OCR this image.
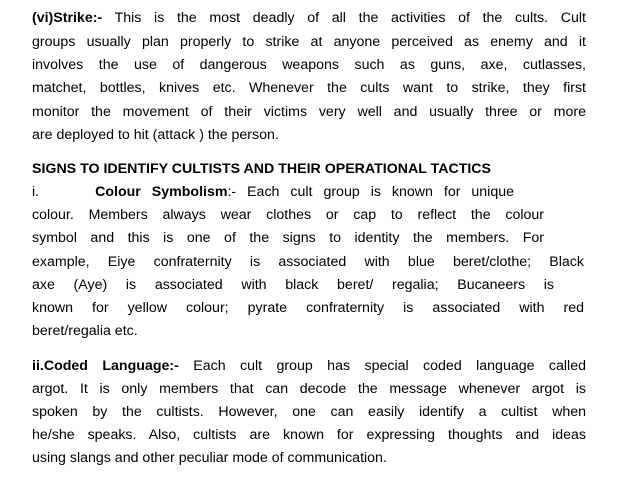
(vi)Strike:- This is the most deadly of all the activities of the cults. Cult
groups usually plan properly to strike at anyone perceived as enemy and it
involves the use of dangerous weapons such as guns, axe, cutlasses,
matchet, bottles, knives etc. Whenever the cults want to strike, they first
monitor the movement of their victims very well and usually three or more
are deployed to hit (attack ) the person.
SIGNS TO IDENTIFY CULTISTS AND THEIR OPERATIONAL TACTICS
i.	Colour Symbolism:- Each cult group is known for unique
colour. Members always wear clothes or cap to reflect the colour
symbol and this is one of the signs to identity the members. For
example, Eiye confraternity is associated with blue beret/clothe; Black
axe (Aye) is associated with black beret/ regalia; Bucaneers is
known for yellow colour; pyrate confraternity is associated with red
beret/regalia etc.
ii.Coded Language:- Each cult group has special coded language called
argot. It is only members that can decode the message whenever argot is
spoken by the cultists. However, one can easily identify a cultist when
he/she speaks. Also, cultists are known for expressing thoughts and ideas
using slangs and other peculiar mode of communication.
